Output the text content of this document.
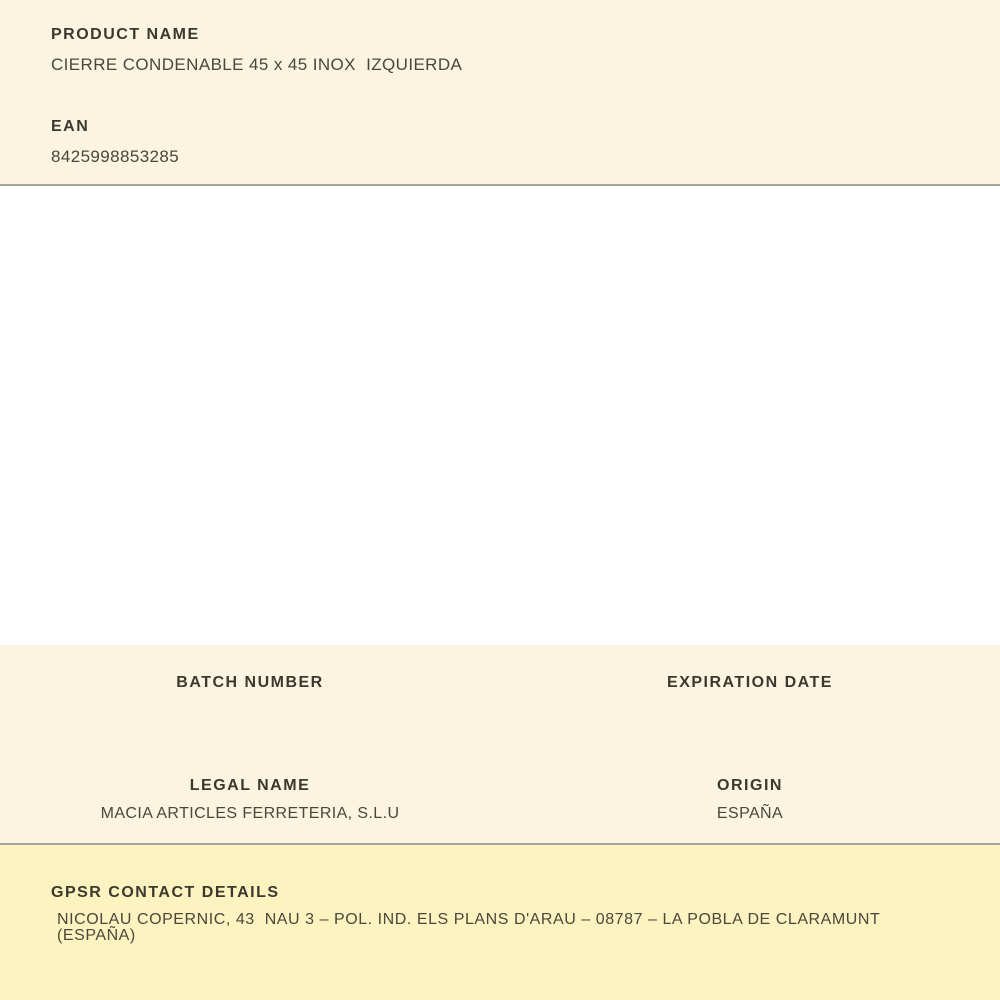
PRODUCT NAME

CIERRE CONDENABLE 45 x 45 INOX  IZQUIERDA

EAN

8425998853285

BATCH NUMBER	EXPIRATION DATE

LEGAL NAME

MACIA ARTICLES FERRETERIA, S.L.U

ORIGIN

ESPAÑA

GPSR CONTACT DETAILS

NICOLAU COPERNIC, 43  NAU 3 – POL. IND. ELS PLANS D'ARAU – 08787 – LA POBLA DE CLARAMUNT (ESPAÑA)
